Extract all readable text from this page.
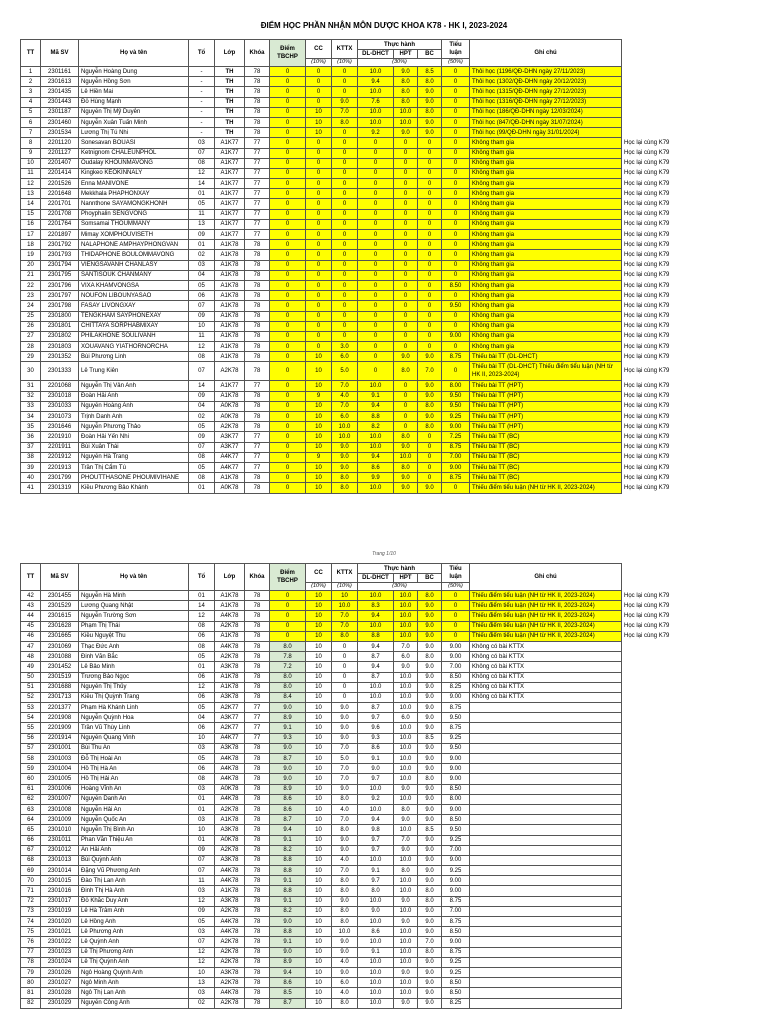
ĐIỂM HỌC PHẦN NHẬN MÔN DƯỢC KHOA K78 - HK I, 2023-2024
TT	Mã SV	Họ và tên	Tổ	Lớp	Khóa	Điểm TBCHP	CC	KTTX	Thực hành			Tiểu luận	Ghi chú	
									DL-DHCT	HPT	BC			
							(10%)	(10%)	(30%)			(50%)		
1	2301161	Nguyễn Hoàng Dung	-	TH	78	0	0	0	10.0	9.0	8.5	0	Thôi học (1196/QĐ-DHN ngày 27/11/2023)	
2	2301613	Nguyễn Hồng Sơn	-	TH	78	0	0	0	9.4	8.0	8.0	0	Thôi học (1302/QĐ-DHN ngày 20/12/2023)	
3	2301435	Lê Hiền Mai	-	TH	78	0	0	0	10.0	8.0	9.0	0	Thôi học (1315/QĐ-DHN ngày 27/12/2023)	
4	2301443	Đỗ Hùng Mạnh	-	TH	78	0	0	9.0	7.6	8.0	9.0	0	Thôi học (1316/QĐ-DHN ngày 27/12/2023)	
5	2301187	Nguyễn Thị Mỹ Duyên	-	TH	78	0	10	7.0	10.0	10.0	8.0	0	Thôi học (186/QĐ-DHN ngày 12/03/2024)	
6	2301460	Nguyễn Xuân Tuấn Minh	-	TH	78	0	10	8.0	10.0	10.0	9.0	0	Thôi học (847/QĐ-DHN ngày 31/07/2024)	
7	2301534	Lương Thị Tú Nhi	-	TH	78	0	10	0	9.2	9.0	9.0	0	Thôi học (99/QĐ-DHN ngày 31/01/2024)	
8	2201120	Sonesavan BOUASI	03	A1K77	77	0	0	0	0	0	0	0	Không tham gia	Học lại cùng K79
9	2201127	Ketnignom CHALEUNPHOL	07	A1K77	77	0	0	0	0	0	0	0	Không tham gia	Học lại cùng K79
10	2201407	Oudalay KHOUNMAVONG	08	A1K77	77	0	0	0	0	0	0	0	Không tham gia	Học lại cùng K79
11	2201414	Kingkeo KEOKINNALY	12	A1K77	77	0	0	0	0	0	0	0	Không tham gia	Học lại cùng K79
12	2201526	Enna MANIVONE	14	A1K77	77	0	0	0	0	0	0	0	Không tham gia	Học lại cùng K79
13	2201648	Mekkhala PHAPHONXAY	01	A1K77	77	0	0	0	0	0	0	0	Không tham gia	Học lại cùng K79
14	2201701	Nannthone SAYAMONGKHONH	05	A1K77	77	0	0	0	0	0	0	0	Không tham gia	Học lại cùng K79
15	2201708	Phoyphalin SENGVONG	11	A1K77	77	0	0	0	0	0	0	0	Không tham gia	Học lại cùng K79
16	2201764	Somsamai THOUMMANY	13	A1K77	77	0	0	0	0	0	0	0	Không tham gia	Học lại cùng K79
17	2201897	Mimay XOMPHOUVISETH	09	A1K77	77	0	0	0	0	0	0	0	Không tham gia	Học lại cùng K79
18	2301792	NALAPHONE AMPHAYPHONGVAN	01	A1K78	78	0	0	0	0	0	0	0	Không tham gia	Học lại cùng K79
19	2301793	THIDAPHONE BOULOMMAVONG	02	A1K78	78	0	0	0	0	0	0	0	Không tham gia	Học lại cùng K79
20	2301794	VIENGSAVANH CHANLASY	03	A1K78	78	0	0	0	0	0	0	0	Không tham gia	Học lại cùng K79
21	2301795	SANTISOUK CHANMANY	04	A1K78	78	0	0	0	0	0	0	0	Không tham gia	Học lại cùng K79
22	2301796	VIXA KHAMVONGSA	05	A1K78	78	0	0	0	0	0	0	8.50	Không tham gia	Học lại cùng K79
23	2301797	NOUFON LIBOUNYASAO	06	A1K78	78	0	0	0	0	0	0	0	Không tham gia	Học lại cùng K79
24	2301798	FASAY LIVONGXAY	07	A1K78	78	0	0	0	0	0	0	9.50	Không tham gia	Học lại cùng K79
25	2301800	TENGKHAM SAYPHONEXAY	09	A1K78	78	0	0	0	0	0	0	0	Không tham gia	Học lại cùng K79
26	2301801	CHITTAYA SORPHABMIXAY	10	A1K78	78	0	0	0	0	0	0	0	Không tham gia	Học lại cùng K79
27	2301802	PHILAKHONE SOULIVANH	11	A1K78	78	0	0	0	0	0	0	9.00	Không tham gia	Học lại cùng K79
28	2301803	XOUAVANG YIATHORNORCHA	12	A1K78	78	0	0	3.0	0	0	0	0	Không tham gia	Học lại cùng K79
29	2301352	Bùi Phương Linh	08	A1K78	78	0	10	6.0	0	9.0	9.0	8.75	Thiếu bài TT (DL-DHCT)	Học lại cùng K79
30	2301333	Lê Trung Kiên	07	A2K78	78	0	10	5.0	0	8.0	7.0	0	Thiếu bài TT (DL-DHCT) Thiếu điểm tiểu luận (NH từ HK II, 2023-2024)	Học lại cùng K79
31	2201068	Nguyễn Thị Vân Anh	14	A1K77	77	0	10	7.0	10.0	0	9.0	8.00	Thiếu bài TT (HPT)	Học lại cùng K79
32	2301018	Đoàn Hải Anh	09	A1K78	78	0	9	4.0	9.1	0	9.0	9.50	Thiếu bài TT (HPT)	Học lại cùng K79
33	2301033	Nguyễn Hoàng Anh	04	A0K78	78	0	10	7.0	9.4	0	8.0	9.50	Thiếu bài TT (HPT)	Học lại cùng K79
34	2301073	Trịnh Danh Anh	02	A0K78	78	0	10	6.0	8.8	0	9.0	9.25	Thiếu bài TT (HPT)	Học lại cùng K79
35	2301646	Nguyễn Phương Thảo	05	A2K78	78	0	10	10.0	8.2	0	8.0	9.00	Thiếu bài TT (HPT)	Học lại cùng K79
36	2201910	Đoàn Hải Yến Nhi	09	A3K77	77	0	10	10.0	10.0	8.0	0	7.25	Thiếu bài TT (BC)	Học lại cùng K79
37	2201911	Bùi Xuân Thái	07	A3K77	77	0	10	9.0	10.0	9.0	0	8.75	Thiếu bài TT (BC)	Học lại cùng K79
38	2201912	Nguyễn Hà Trang	08	A4K77	77	0	9	9.0	9.4	10.0	0	7.00	Thiếu bài TT (BC)	Học lại cùng K79
39	2201913	Trần Thị Cẩm Tú	05	A4K77	77	0	10	9.0	8.6	8.0	0	9.00	Thiếu bài TT (BC)	Học lại cùng K79
40	2301799	PHOUTTHASONE PHOUMIVIHANE	08	A1K78	78	0	10	8.0	9.9	9.0	0	8.75	Thiếu bài TT (BC)	Học lại cùng K79
41	2301319	Kiều Phương Bảo Khánh	01	A0K78	78	0	10	8.0	10.0	9.0	9.0	0	Thiếu điểm tiểu luận (NH từ HK II, 2023-2024)	Học lại cùng K79
Trang 1/10
TT	Mã SV	Họ và tên	Tổ	Lớp	Khóa	Điểm TBCHP	CC	KTTX	Thực hành			Tiểu luận	Ghi chú	
									DL-DHCT	HPT	BC			
							(10%)	(10%)	(30%)			(50%)		
42	2301455	Nguyễn Hà Minh	01	A1K78	78	0	10	10	10.0	10.0	8.0	0	Thiếu điểm tiểu luận (NH từ HK II, 2023-2024)	Học lại cùng K79
43	2301529	Lương Quang Nhật	14	A1K78	78	0	10	10.0	8.3	10.0	9.0	0	Thiếu điểm tiểu luận (NH từ HK II, 2023-2024)	Học lại cùng K79
44	2301615	Nguyễn Trường Sơn	12	A4K78	78	0	10	7.0	9.4	10.0	9.0	0	Thiếu điểm tiểu luận (NH từ HK II, 2023-2024)	Học lại cùng K79
45	2301628	Phạm Thị Thái	08	A2K78	78	0	10	7.0	10.0	10.0	9.0	0	Thiếu điểm tiểu luận (NH từ HK II, 2023-2024)	Học lại cùng K79
46	2301665	Kiều Nguyệt Thu	06	A1K78	78	0	10	8.0	8.8	10.0	9.0	0	Thiếu điểm tiểu luận (NH từ HK II, 2023-2024)	Học lại cùng K79
47	2301069	Thạc Đức Anh	08	A4K78	78	8.0	10	0	9.4	7.0	9.0	9.00	Không có bài KTTX	
48	2301088	Đinh Văn Bắc	05	A2K78	78	7.8	10	0	8.7	6.0	8.0	9.00	Không có bài KTTX	
49	2301452	Lê Bảo Minh	01	A3K78	78	7.2	10	0	9.4	9.0	9.0	7.00	Không có bài KTTX	
50	2301519	Trương Bảo Ngọc	06	A1K78	78	8.0	10	0	8.7	10.0	9.0	8.50	Không có bài KTTX	
51	2301688	Nguyễn Thị Thủy	12	A1K78	78	8.0	10	0	10.0	10.0	9.0	8.25	Không có bài KTTX	
52	2301713	Kiều Thị Quỳnh Trang	06	A3K78	78	8.4	10	0	10.0	10.0	9.0	9.00	Không có bài KTTX	
53	2201377	Phạm Hà Khánh Linh	05	A2K77	77	9.0	10	9.0	8.7	10.0	9.0	8.75		
54	2201908	Nguyễn Quỳnh Hoa	04	A3K77	77	8.9	10	9.0	9.7	6.0	9.0	9.50		
55	2201909	Trần Vũ Thùy Linh	06	A2K77	77	9.1	10	9.0	9.6	10.0	9.0	8.75		
56	2201914	Nguyễn Quang Vinh	10	A4K77	77	9.3	10	9.0	9.3	10.0	8.5	9.25		
57	2301001	Bùi Thu An	03	A3K78	78	9.0	10	7.0	8.6	10.0	9.0	9.50		
58	2301003	Đỗ Thị Hoài An	05	A4K78	78	8.7	10	5.0	9.1	10.0	9.0	9.00		
59	2301004	Hồ Thị Hà An	06	A4K78	78	9.0	10	7.0	9.0	10.0	9.0	9.00		
60	2301005	Hồ Thị Hải An	08	A4K78	78	9.0	10	7.0	9.7	10.0	8.0	9.00		
61	2301006	Hoàng Vĩnh An	03	A0K78	78	8.9	10	9.0	10.0	9.0	9.0	8.50		
62	2301007	Nguyễn Danh An	01	A4K78	78	8.6	10	8.0	9.2	10.0	9.0	8.00		
63	2301008	Nguyễn Hải An	01	A2K78	78	8.6	10	4.0	10.0	8.0	9.0	9.00		
64	2301009	Nguyễn Quốc An	03	A1K78	78	8.7	10	7.0	9.4	9.0	9.0	8.50		
65	2301010	Nguyễn Thị Bình An	10	A3K78	78	9.4	10	8.0	9.8	10.0	8.5	9.50		
66	2301011	Phan Văn Thiệu An	01	A0K78	78	9.1	10	9.0	9.7	7.0	9.0	9.25		
67	2301012	An Hải Anh	09	A2K78	78	8.2	10	9.0	9.7	9.0	9.0	7.00		
68	2301013	Bùi Quỳnh Anh	07	A3K78	78	8.8	10	4.0	10.0	10.0	9.0	9.00		
69	2301014	Đặng Vũ Phương Anh	07	A4K78	78	8.8	10	7.0	9.1	8.0	9.0	9.25		
70	2301015	Đào Thị Lan Anh	11	A4K78	78	9.1	10	8.0	9.7	10.0	9.0	9.00		
71	2301016	Đinh Thị Hà Anh	03	A1K78	78	8.8	10	8.0	8.0	10.0	8.0	9.00		
72	2301017	Đỗ Khắc Duy Anh	12	A3K78	78	9.1	10	9.0	10.0	9.0	8.0	8.75		
73	2301019	Lê Hà Trâm Anh	09	A2K78	78	8.2	10	8.0	9.0	10.0	9.0	7.00		
74	2301020	Lê Hồng Anh	05	A4K78	78	9.0	10	8.0	10.0	9.0	9.0	8.75		
75	2301021	Lê Phương Anh	03	A4K78	78	8.8	10	10.0	8.6	10.0	9.0	8.50		
76	2301022	Lê Quỳnh Anh	07	A2K78	78	9.1	10	9.0	10.0	10.0	7.0	9.00		
77	2301023	Lê Thị Phương Anh	12	A2K78	78	9.0	10	9.0	9.1	10.0	8.0	8.75		
78	2301024	Lê Thị Quỳnh Anh	12	A2K78	78	8.9	10	4.0	10.0	10.0	9.0	9.25		
79	2301026	Ngô Hoàng Quỳnh Anh	10	A3K78	78	9.4	10	9.0	10.0	9.0	9.0	9.25		
80	2301027	Ngô Minh Anh	13	A2K78	78	8.6	10	6.0	10.0	10.0	9.0	8.50		
81	2301028	Ngô Thị Lan Anh	03	A4K78	78	8.5	10	4.0	10.0	10.0	9.0	8.50		
82	2301029	Nguyễn Công Anh	02	A2K78	78	8.7	10	8.0	10.0	9.0	9.0	8.25		
